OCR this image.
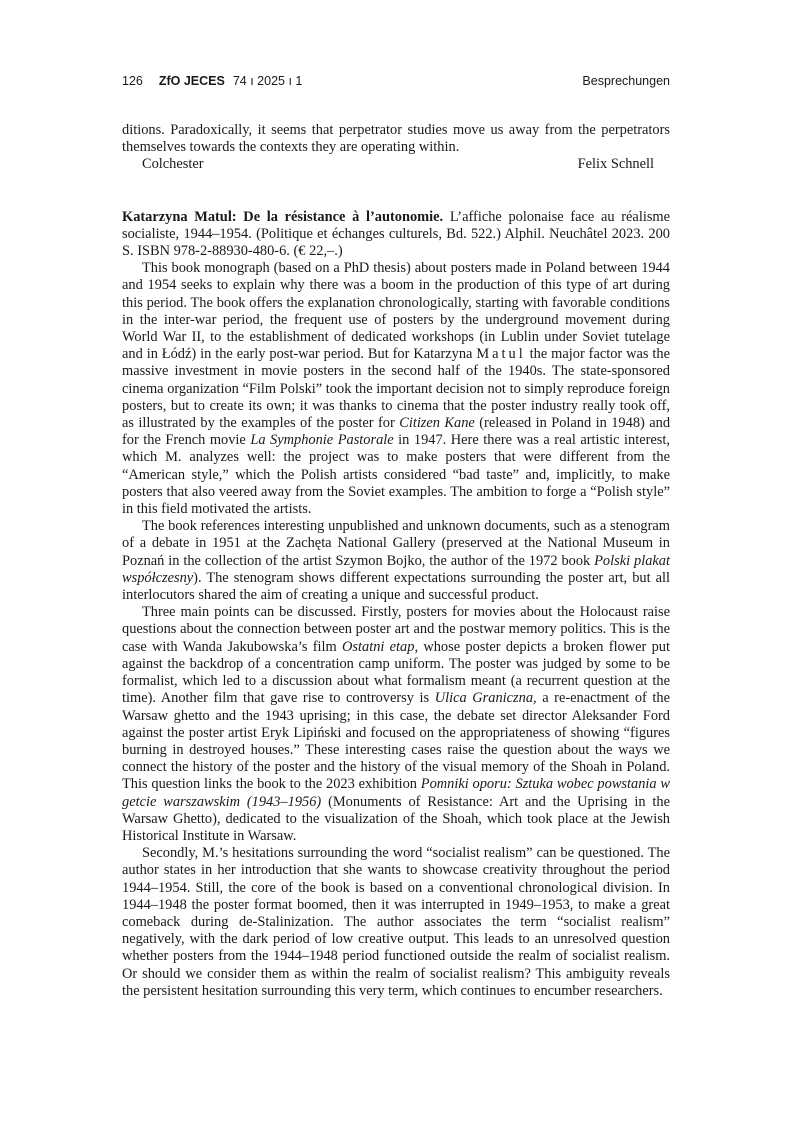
126 ZfO JECES 74 ı 2025 ı 1	Besprechungen

ditions. Paradoxically, it seems that perpetrator studies move us away from the perpetrators themselves towards the contexts they are operating within.

Colchester	Felix Schnell

Katarzyna Matul: De la résistance à l’autonomie. L’affiche polonaise face au réalisme socialiste, 1944–1954. (Politique et échanges culturels, Bd. 522.) Alphil. Neuchâtel 2023. 200 S. ISBN 978-2-88930-480-6. (€ 22,–.)

This book monograph (based on a PhD thesis) about posters made in Poland between 1944 and 1954 seeks to explain why there was a boom in the production of this type of art during this period. The book offers the explanation chronologically, starting with favorable conditions in the inter-war period, the frequent use of posters by the underground movement during World War II, to the establishment of dedicated workshops (in Lublin under Soviet tutelage and in Łódź) in the early post-war period. But for Katarzyna Matul the major factor was the massive investment in movie posters in the second half of the 1940s. The state-sponsored cinema organization “Film Polski” took the important decision not to simply reproduce foreign posters, but to create its own; it was thanks to cinema that the poster industry really took off, as illustrated by the examples of the poster for Citizen Kane (released in Poland in 1948) and for the French movie La Symphonie Pastorale in 1947. Here there was a real artistic interest, which M. analyzes well: the project was to make posters that were different from the “American style,” which the Polish artists considered “bad taste” and, implicitly, to make posters that also veered away from the Soviet examples. The ambition to forge a “Polish style” in this field motivated the artists.

The book references interesting unpublished and unknown documents, such as a stenogram of a debate in 1951 at the Zachęta National Gallery (preserved at the National Museum in Poznań in the collection of the artist Szymon Bojko, the author of the 1972 book Polski plakat współczesny). The stenogram shows different expectations surrounding the poster art, but all interlocutors shared the aim of creating a unique and successful product.

Three main points can be discussed. Firstly, posters for movies about the Holocaust raise questions about the connection between poster art and the postwar memory politics. This is the case with Wanda Jakubowska’s film Ostatni etap, whose poster depicts a broken flower put against the backdrop of a concentration camp uniform. The poster was judged by some to be formalist, which led to a discussion about what formalism meant (a recurrent question at the time). Another film that gave rise to controversy is Ulica Graniczna, a re-enactment of the Warsaw ghetto and the 1943 uprising; in this case, the debate set director Aleksander Ford against the poster artist Eryk Lipiński and focused on the appropriateness of showing “figures burning in destroyed houses.” These interesting cases raise the question about the ways we connect the history of the poster and the history of the visual memory of the Shoah in Poland. This question links the book to the 2023 exhibition Pomniki oporu: Sztuka wobec powstania w getcie warszawskim (1943–1956) (Monuments of Resistance: Art and the Uprising in the Warsaw Ghetto), dedicated to the visualization of the Shoah, which took place at the Jewish Historical Institute in Warsaw.

Secondly, M.’s hesitations surrounding the word “socialist realism” can be questioned. The author states in her introduction that she wants to showcase creativity throughout the period 1944–1954. Still, the core of the book is based on a conventional chronological division. In 1944–1948 the poster format boomed, then it was interrupted in 1949–1953, to make a great comeback during de-Stalinization. The author associates the term “socialist realism” negatively, with the dark period of low creative output. This leads to an unresolved question whether posters from the 1944–1948 period functioned outside the realm of socialist realism. Or should we consider them as within the realm of socialist realism? This ambiguity reveals the persistent hesitation surrounding this very term, which continues to encumber researchers.
